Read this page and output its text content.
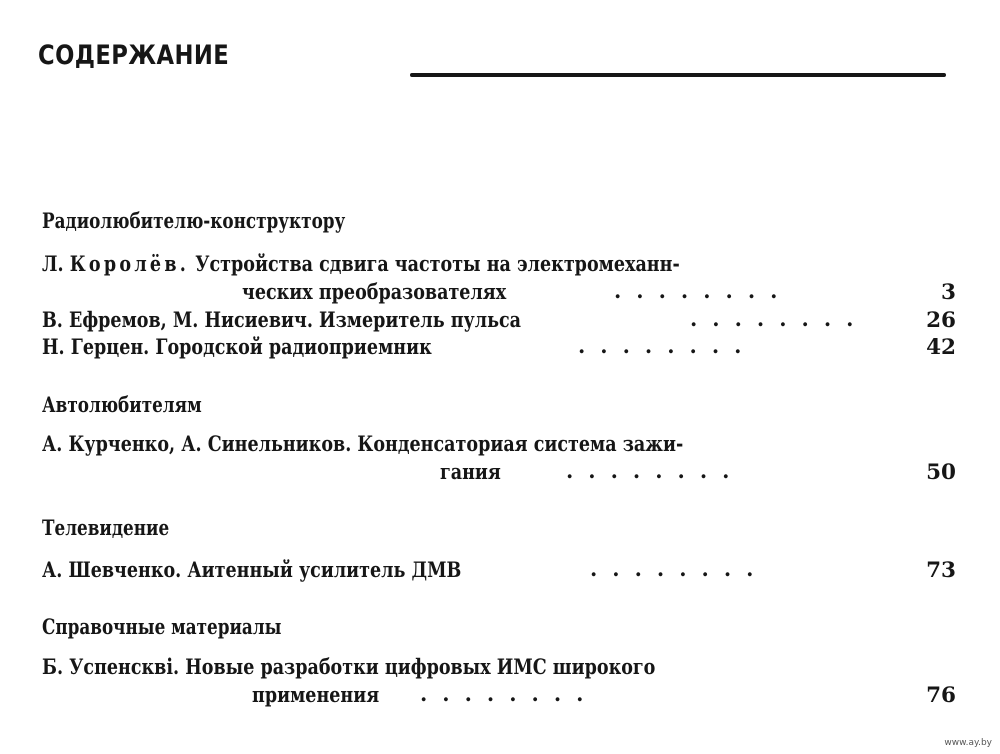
СОДЕРЖАНИЕ
Радиолюбителю-конструктору
Л. Королёв. Устройства сдвига частоты на электромеханн-
ческих преобразователях	........	3
В. Ефремов, М. Нисиевич. Измеритель пульса	........	26
Н. Герцен. Городской радиоприемник	........	42
Автолюбителям
А. Курченко, А. Синельников. Конденсаториая система зажи-
гания	........	50
Телевидение
А. Шевченко. Аитенный усилитель ДМВ	........	73
Справочные материалы
Б. Успенскві. Новые разработки цифровых ИМС широкого
применения ........	76
www.ay.by
